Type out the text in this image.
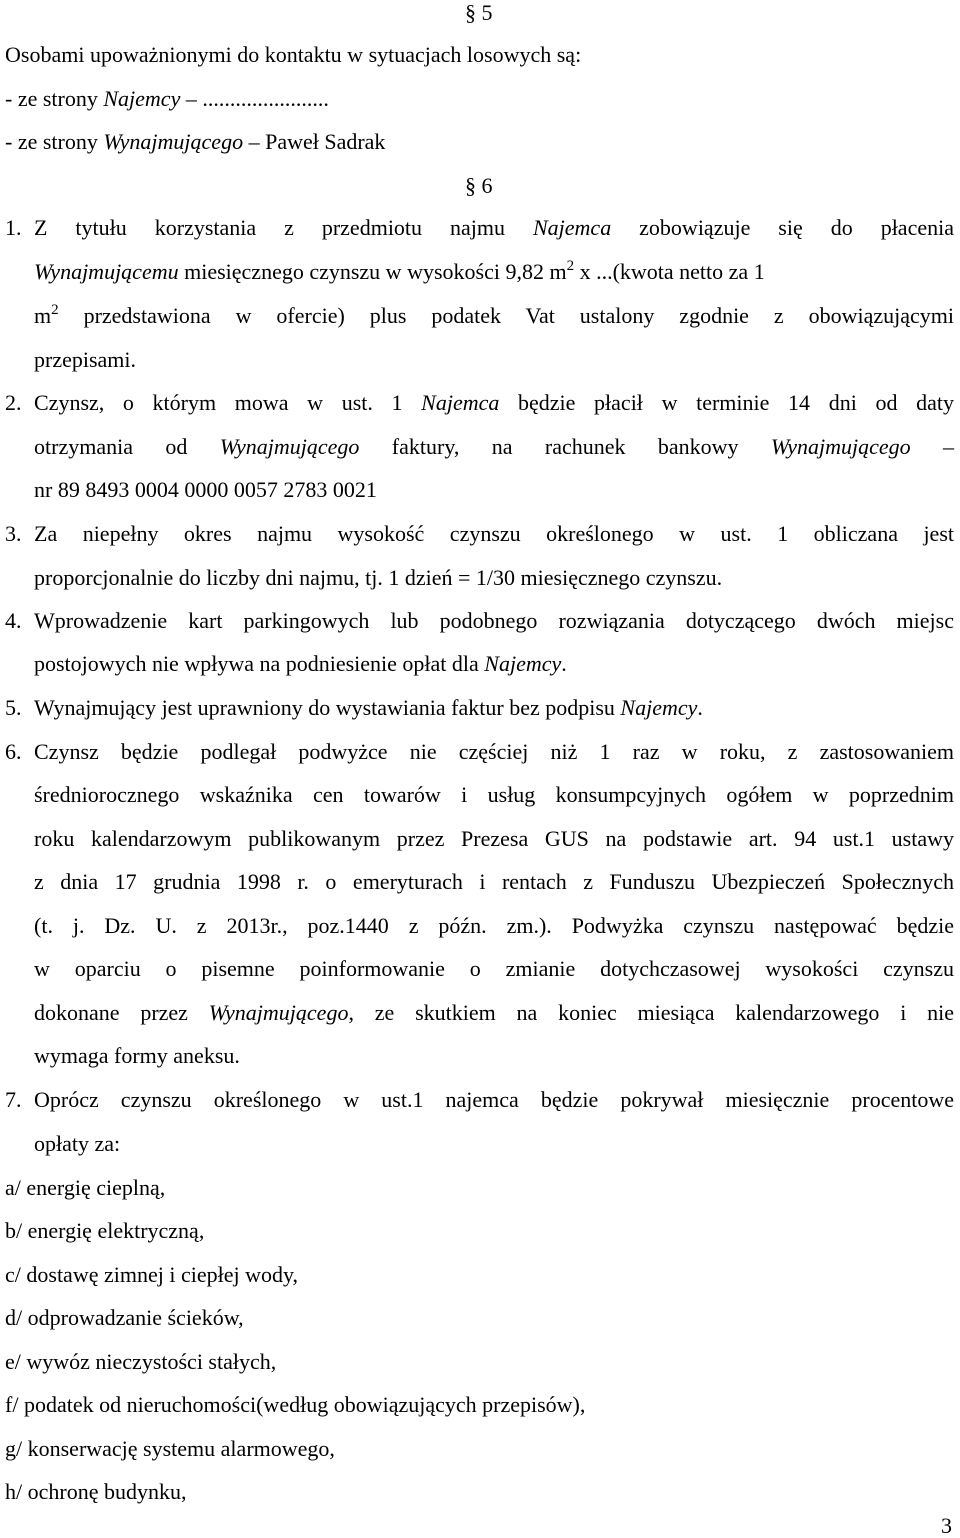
§ 5
Osobami upoważnionymi do kontaktu w sytuacjach losowych są:
- ze strony Najemcy – .......................
- ze strony Wynajmującego – Paweł Sadrak
§ 6
1. Z tytułu korzystania z przedmiotu najmu Najemca zobowiązuje się do płacenia
Wynajmującemu miesięcznego czynszu w wysokości 9,82 $m^2$ x ...(kwota netto za 1
$m^2$ przedstawiona w ofercie) plus podatek Vat ustalony zgodnie z obowiązującymi
przepisami.
2. Czynsz, o którym mowa w ust. 1 Najemca będzie płacił w terminie 14 dni od daty
otrzymania od Wynajmującego faktury, na rachunek bankowy Wynajmującego –
nr 89 8493 0004 0000 0057 2783 0021
3. Za niepełny okres najmu wysokość czynszu określonego w ust. 1 obliczana jest
proporcjonalnie do liczby dni najmu, tj. 1 dzień = 1/30 miesięcznego czynszu.
4. Wprowadzenie kart parkingowych lub podobnego rozwiązania dotyczącego dwóch miejsc
postojowych nie wpływa na podniesienie opłat dla Najemcy.
5. Wynajmujący jest uprawniony do wystawiania faktur bez podpisu Najemcy.
6. Czynsz będzie podlegał podwyżce nie częściej niż 1 raz w roku, z zastosowaniem
średniorocznego wskaźnika cen towarów i usług konsumpcyjnych ogółem w poprzednim
roku kalendarzowym publikowanym przez Prezesa GUS na podstawie art. 94 ust.1 ustawy
z dnia 17 grudnia 1998 r. o emeryturach i rentach z Funduszu Ubezpieczeń Społecznych
(t. j. Dz. U. z 2013r., poz.1440 z późn. zm.). Podwyżka czynszu następować będzie
w oparciu o pisemne poinformowanie o zmianie dotychczasowej wysokości czynszu
dokonane przez Wynajmującego, ze skutkiem na koniec miesiąca kalendarzowego i nie
wymaga formy aneksu.
7. Oprócz czynszu określonego w ust.1 najemca będzie pokrywał miesięcznie procentowe
opłaty za:
a/ energię cieplną,
b/ energię elektryczną,
c/ dostawę zimnej i ciepłej wody,
d/ odprowadzanie ścieków,
e/ wywóz nieczystości stałych,
f/ podatek od nieruchomości(według obowiązujących przepisów),
g/ konserwację systemu alarmowego,
h/ ochronę budynku,
3
